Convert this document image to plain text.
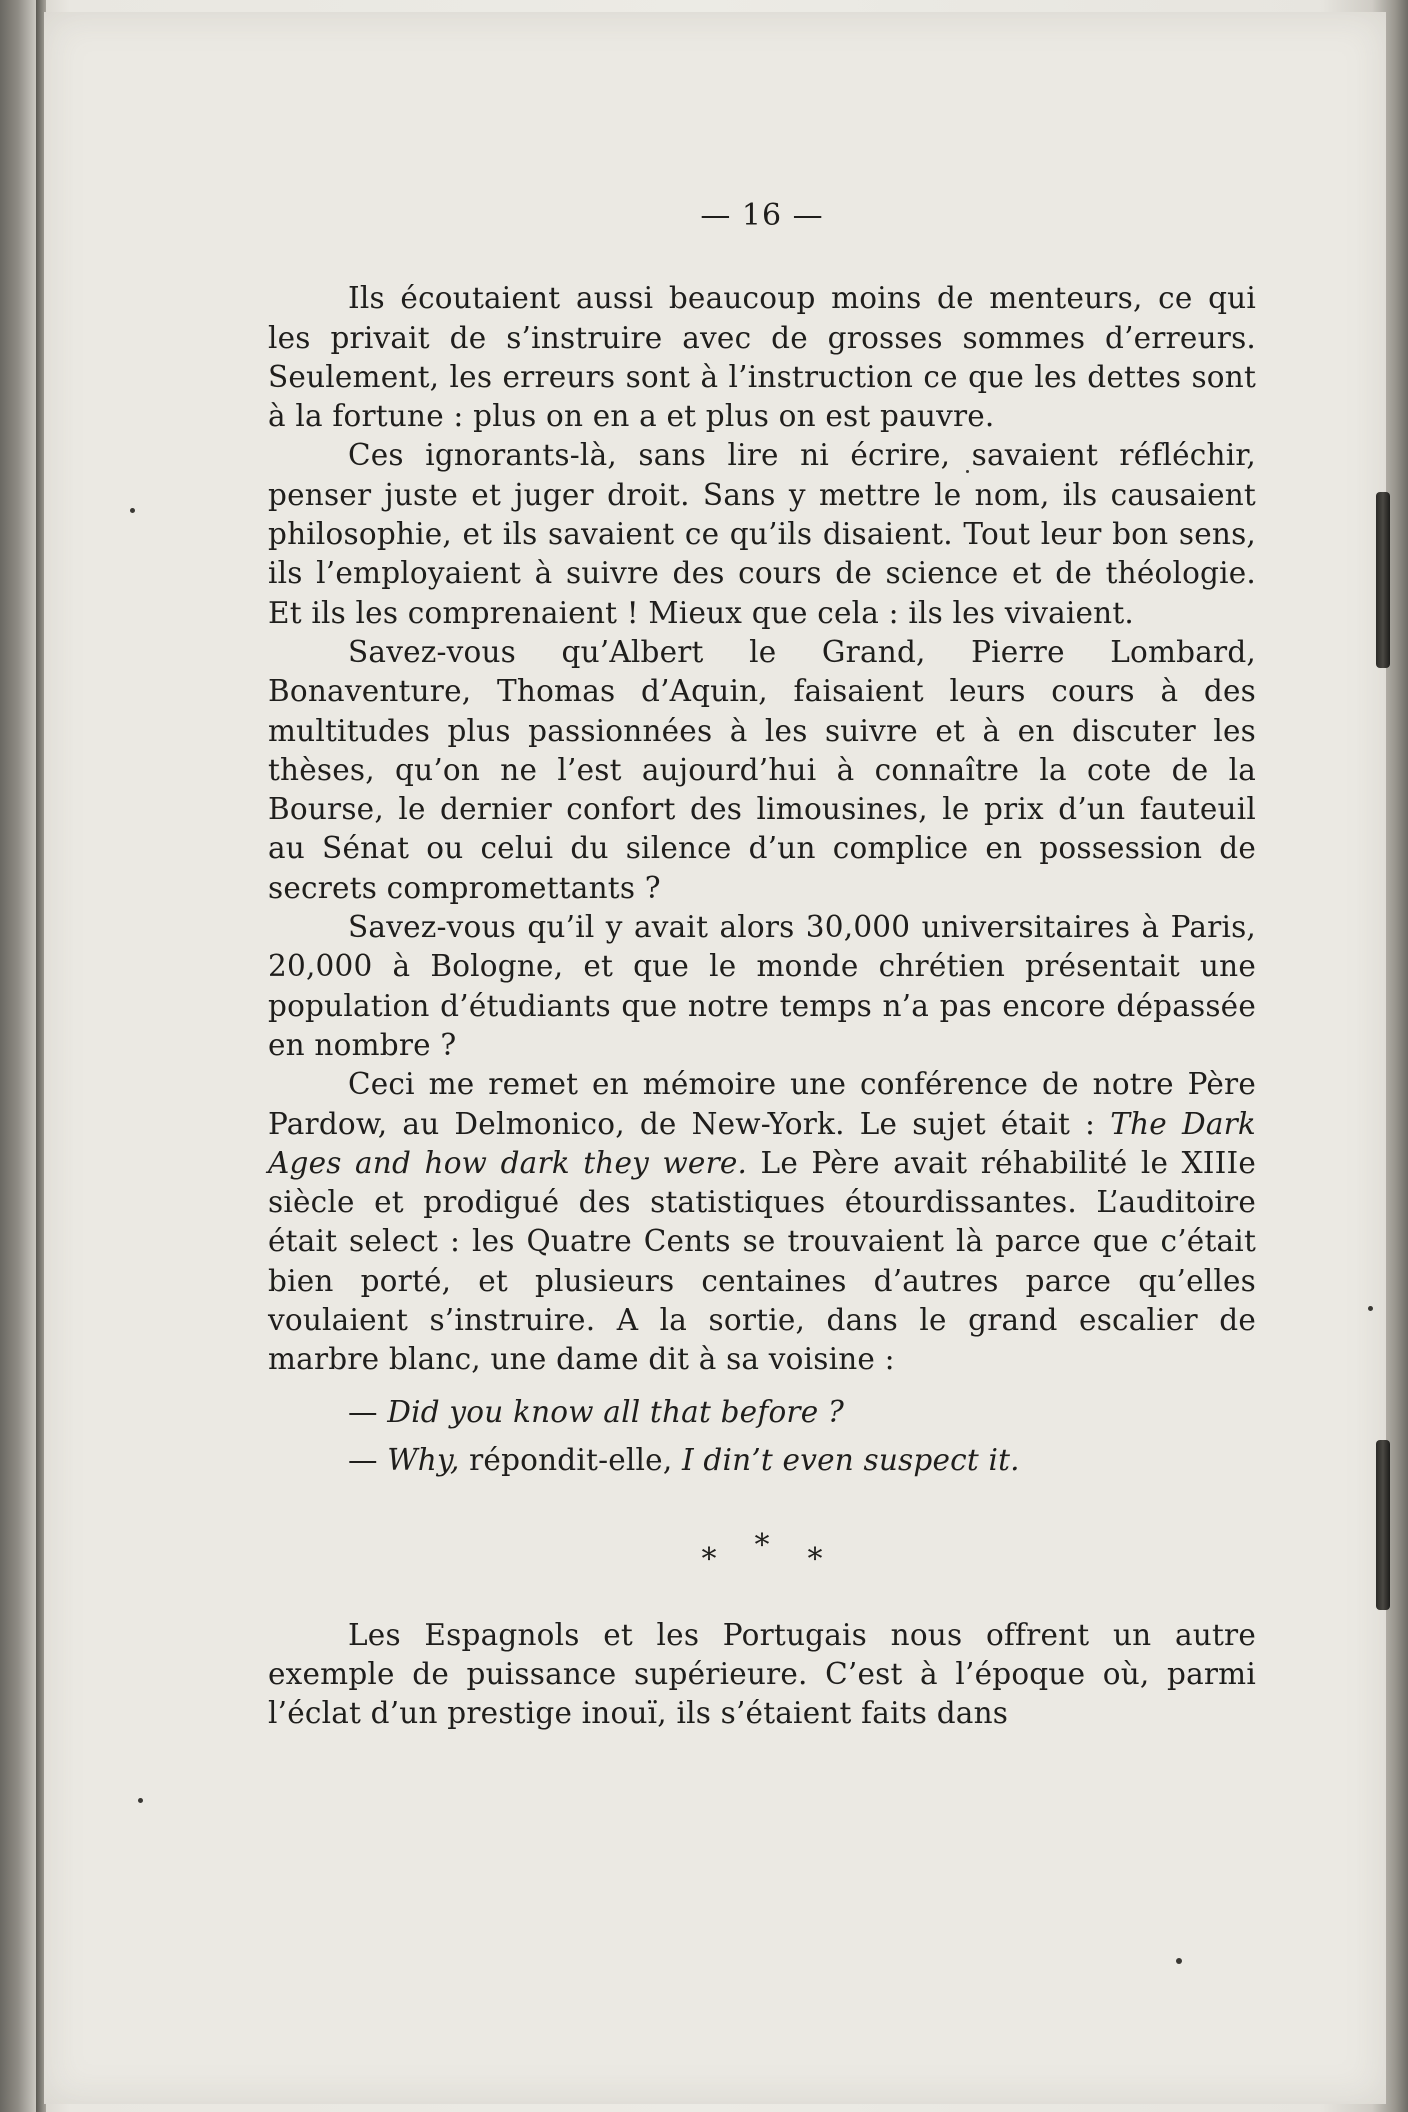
— 16 —

Ils écoutaient aussi beaucoup moins de menteurs, ce qui les privait de s’instruire avec de grosses sommes d’erreurs. Seulement, les erreurs sont à l’instruction ce que les dettes sont à la fortune : plus on en a et plus on est pauvre.

Ces ignorants-là, sans lire ni écrire, savaient réfléchir, penser juste et juger droit. Sans y mettre le nom, ils causaient philosophie, et ils savaient ce qu’ils disaient. Tout leur bon sens, ils l’employaient à suivre des cours de science et de théologie. Et ils les comprenaient ! Mieux que cela : ils les vivaient.

Savez-vous qu’Albert le Grand, Pierre Lombard, Bonaventure, Thomas d’Aquin, faisaient leurs cours à des multitudes plus passionnées à les suivre et à en discuter les thèses, qu’on ne l’est aujourd’hui à connaître la cote de la Bourse, le dernier confort des limousines, le prix d’un fauteuil au Sénat ou celui du silence d’un complice en possession de secrets compromettants ?

Savez-vous qu’il y avait alors 30,000 universitaires à Paris, 20,000 à Bologne, et que le monde chrétien présentait une population d’étudiants que notre temps n’a pas encore dépassée en nombre ?

Ceci me remet en mémoire une conférence de notre Père Pardow, au Delmonico, de New-York. Le sujet était : The Dark Ages and how dark they were. Le Père avait réhabilité le XIIIe siècle et prodigué des statistiques étourdissantes. L’auditoire était select : les Quatre Cents se trouvaient là parce que c’était bien porté, et plusieurs centaines d’autres parce qu’elles voulaient s’instruire. A la sortie, dans le grand escalier de marbre blanc, une dame dit à sa voisine :

— Did you know all that before ?

— Why, répondit-elle, I din’t even suspect it.

***

Les Espagnols et les Portugais nous offrent un autre exemple de puissance supérieure. C’est à l’époque où, parmi l’éclat d’un prestige inouï, ils s’étaient faits dans
